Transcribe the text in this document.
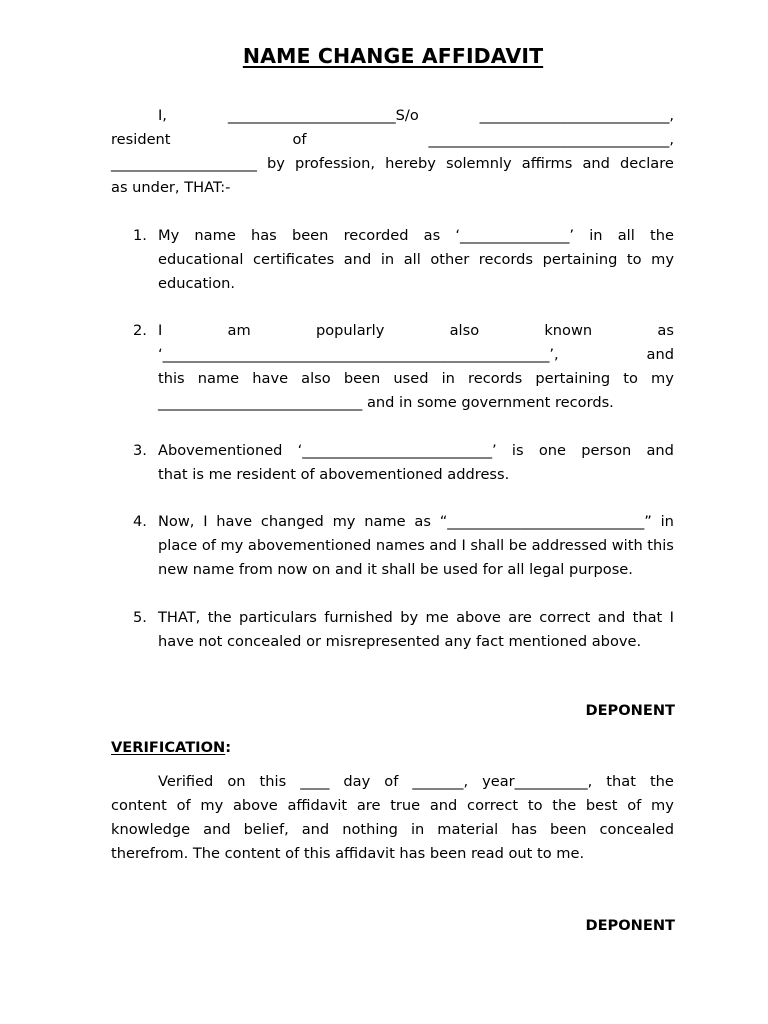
NAME CHANGE AFFIDAVIT
I,	_______________________S/o	__________________________,
resident	of	_________________________________,
____________________ by profession, hereby solemnly affirms and declare
as under, THAT:-
1. My name has been recorded as ‘_______________’ in all the
educational certificates and in all other records pertaining to my
education.
2. I	am	popularly	also	known	as
‘_____________________________________________________’,	and
this name have also been used in records pertaining to my
____________________________ and in some government records.
3. Abovementioned ‘__________________________’ is one person and
that is me resident of abovementioned address.
4. Now, I have changed my name as “___________________________” in
place of my abovementioned names and I shall be addressed with this
new name from now on and it shall be used for all legal purpose.
5. THAT, the particulars furnished by me above are correct and that I
have not concealed or misrepresented any fact mentioned above.
DEPONENT
VERIFICATION:
Verified on this ____ day of _______, year__________, that the
content of my above affidavit are true and correct to the best of my
knowledge and belief, and nothing in material has been concealed
therefrom. The content of this affidavit has been read out to me.
DEPONENT
